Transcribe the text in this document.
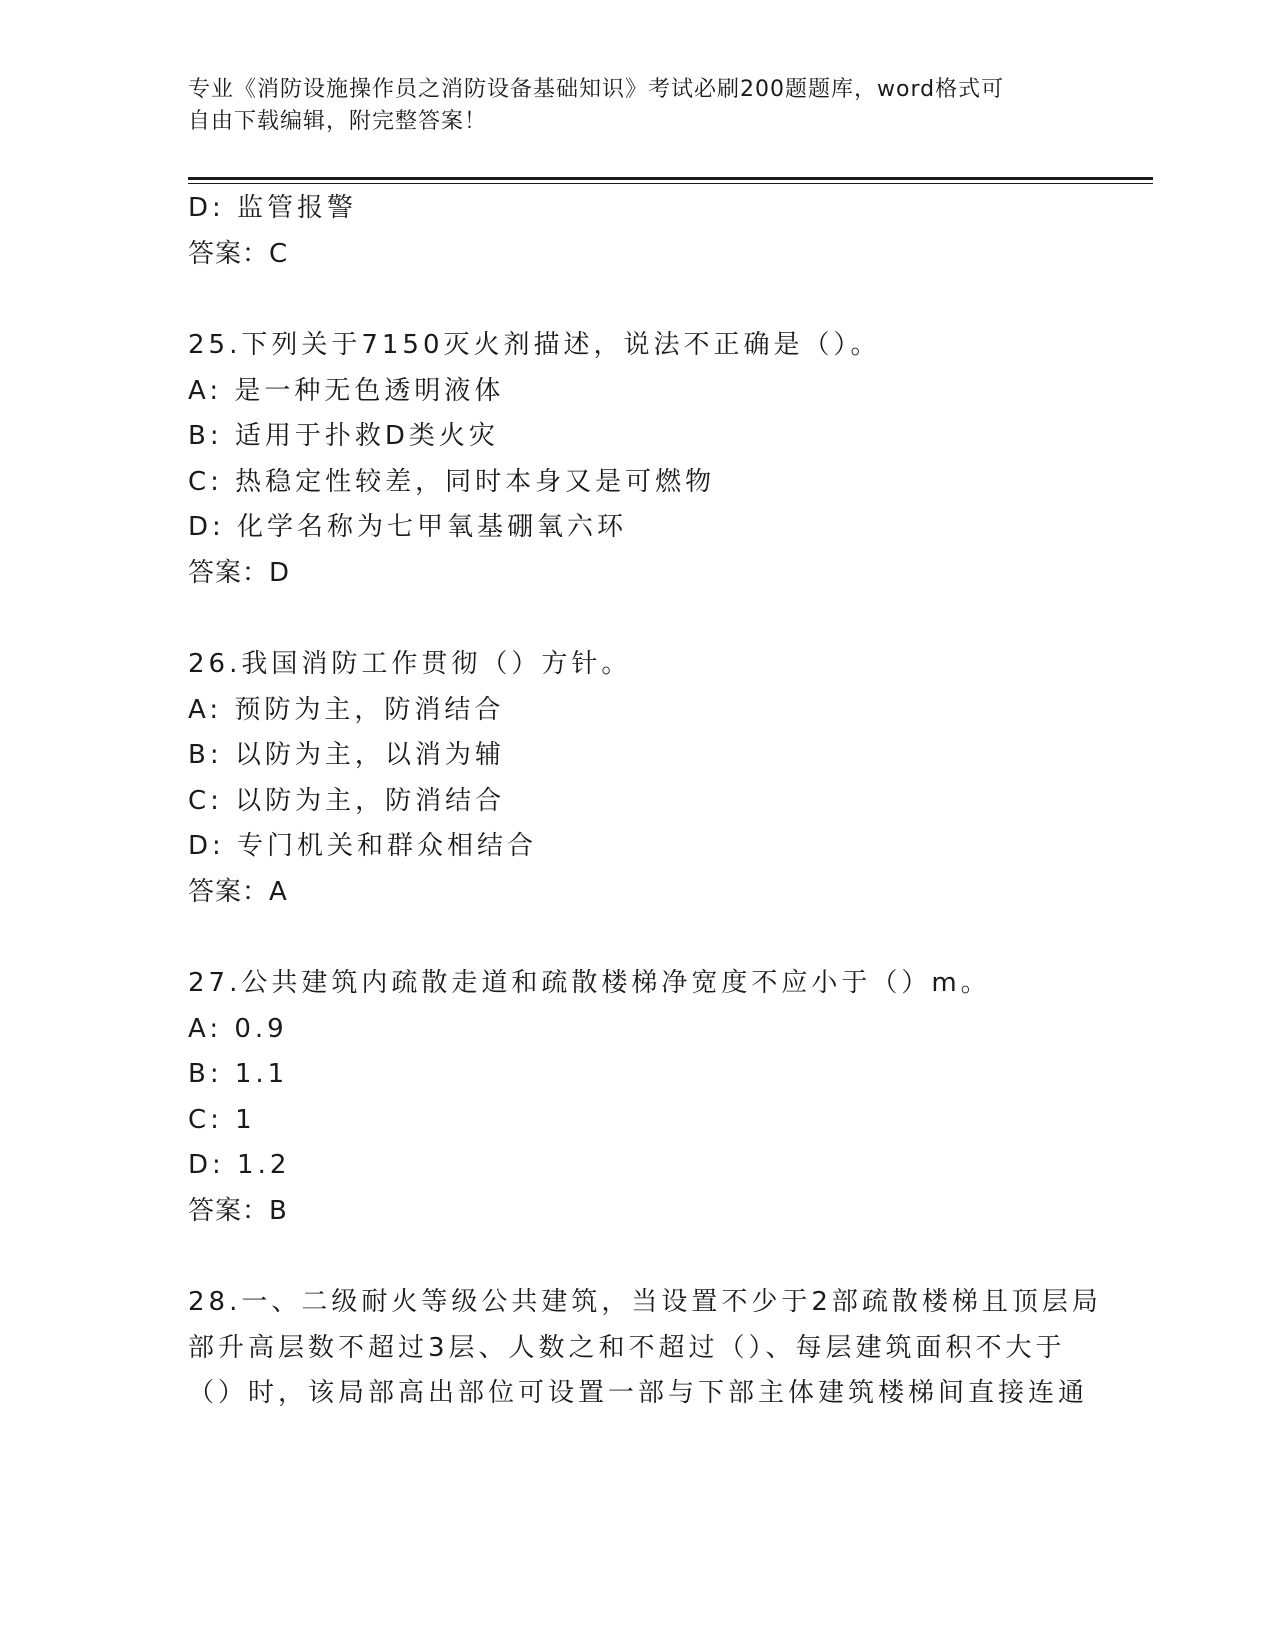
专业《消防设施操作员之消防设备基础知识》考试必刷200题题库，word格式可
自由下载编辑，附完整答案！
D: 监管报警
答案：C
25.下列关于7150灭火剂描述，说法不正确是（）。
A: 是一种无色透明液体
B: 适用于扑救D类火灾
C: 热稳定性较差，同时本身又是可燃物
D: 化学名称为七甲氧基硼氧六环
答案：D
26.我国消防工作贯彻（）方针。
A: 预防为主，防消结合
B: 以防为主，以消为辅
C: 以防为主，防消结合
D: 专门机关和群众相结合
答案：A
27.公共建筑内疏散走道和疏散楼梯净宽度不应小于（）m。
A: 0.9
B: 1.1
C: 1
D: 1.2
答案：B
28.一、二级耐火等级公共建筑，当设置不少于2部疏散楼梯且顶层局
部升高层数不超过3层、人数之和不超过（）、每层建筑面积不大于
（）时，该局部高出部位可设置一部与下部主体建筑楼梯间直接连通
